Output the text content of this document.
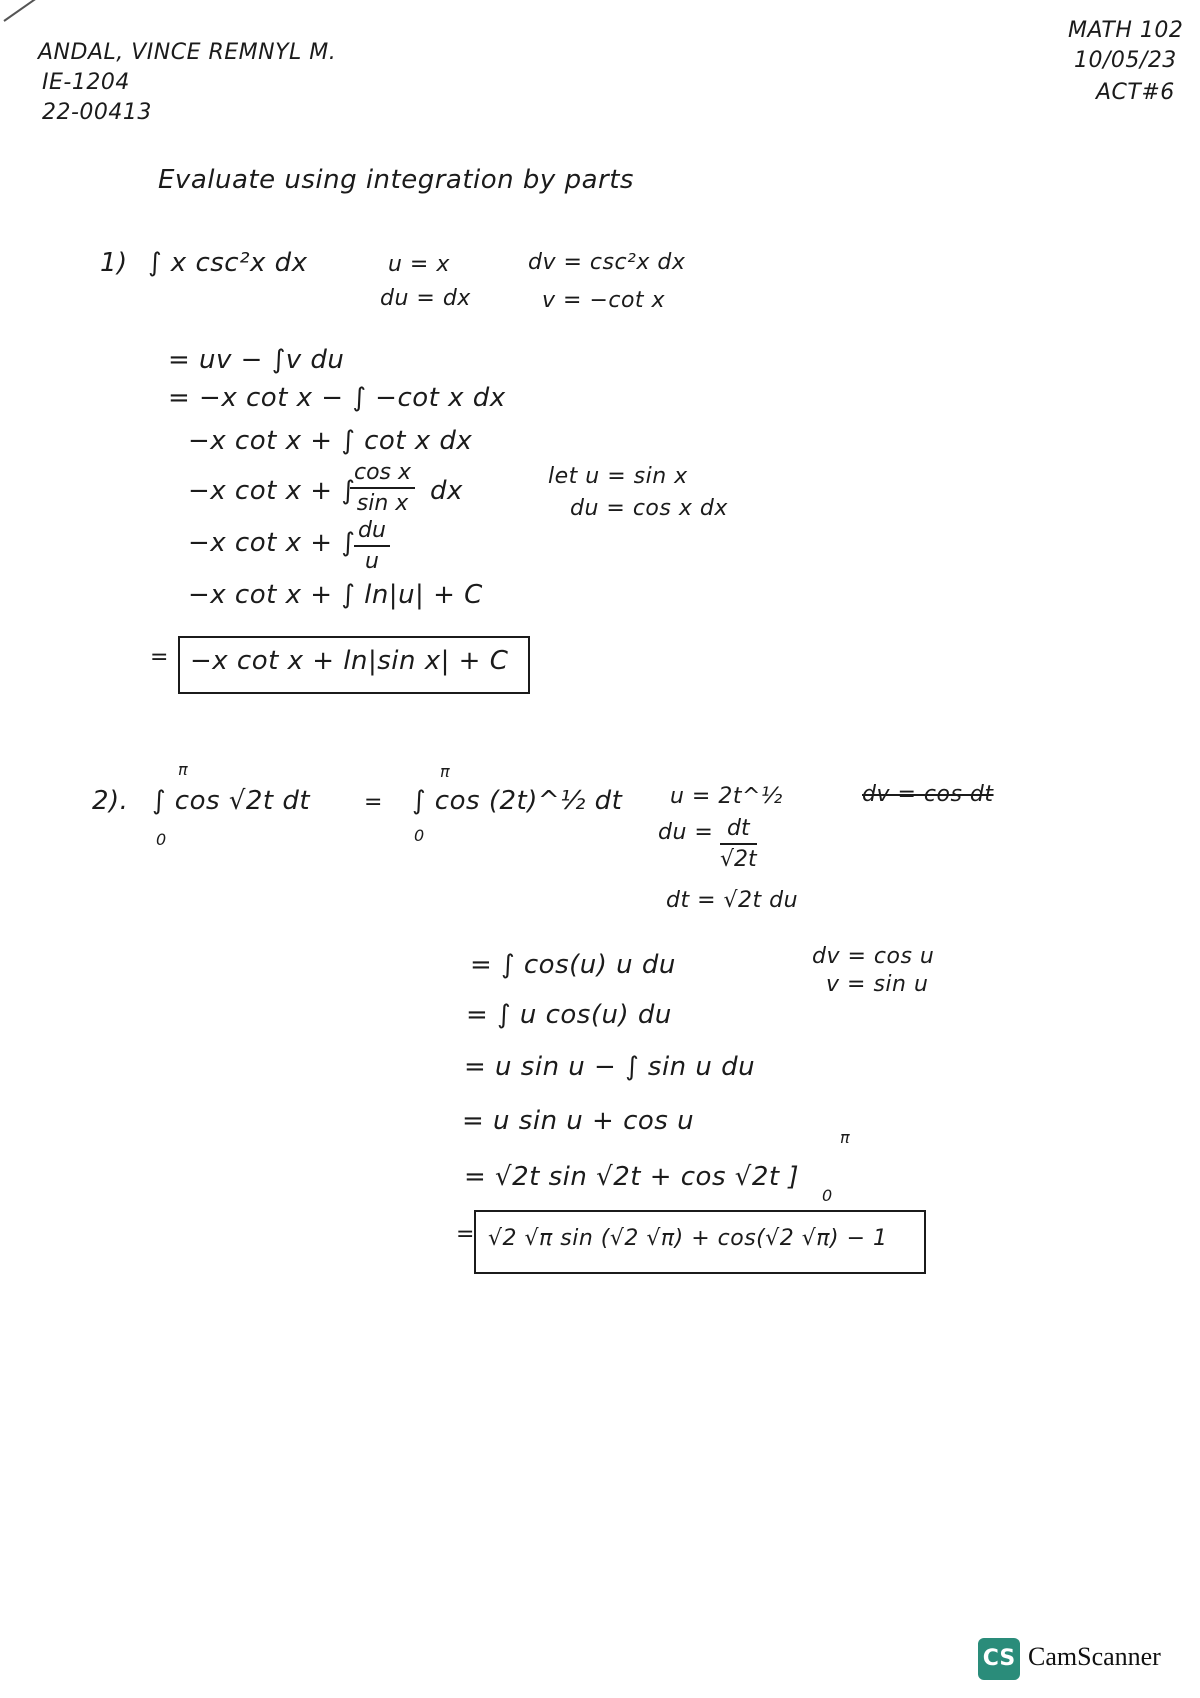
ANDAL, VINCE REMNYL M.
IE-1204
22-00413
MATH 102
10/05/23
ACT#6
Evaluate using integration by parts
1) ∫ x csc²x dx	u = x
du = dx
dv = csc²x dx
v = −cot x
= uv − ∫v du
= −x cot x − ∫ −cot x dx
−x cot x + ∫ cot x dx
−x cot x + ∫
$\frac{\text{cos x}}{\text{sin x}}$ dx
−x cot x + ∫
$\frac{du}{u}$
−x cot x + ∫ ln|u| + C
let u = sin x
du = cos x dx
= −x cot x + ln|sin x| + C
2). ∫ cos √2t dt
π
0
= ∫ cos (2t)^½ dt
π
0
u = 2t^½
du = $\frac{dt}{√2t}$
dt = √2t du
dv = cos dt
dv = cos u
v = sin u
= ∫ cos(u) u du
= ∫ u cos(u) du
= u sin u − ∫ sin u du
= u sin u + cos u
= √2t sin √2t + cos √2t ]
π
0
= √2 √π sin (√2 √π) + cos(√2 √π) − 1
CS CamScanner
